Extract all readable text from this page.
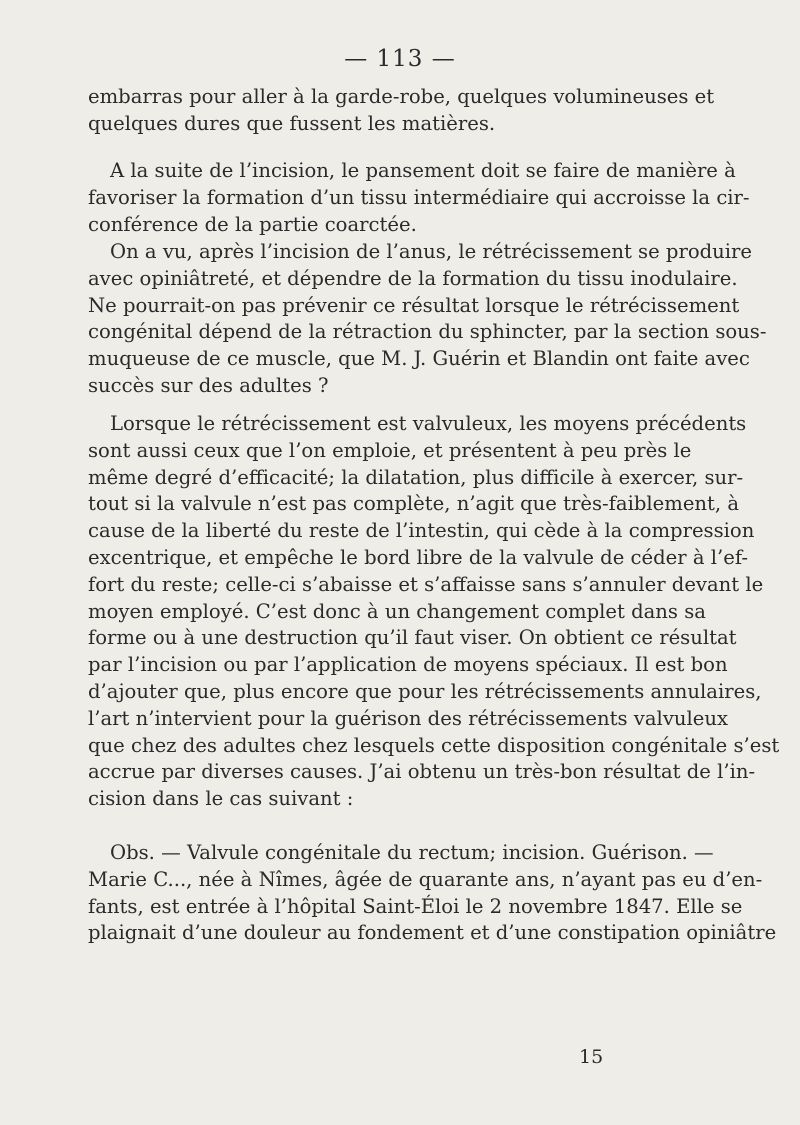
— 113 —
embarras pour aller à la garde-robe, quelques volumineuses et
quelques dures que fussent les matières.
A la suite de l’incision, le pansement doit se faire de manière à
favoriser la formation d’un tissu intermédiaire qui accroisse la cir-
conférence de la partie coarctée.
On a vu, après l’incision de l’anus, le rétrécissement se produire
avec opiniâtreté, et dépendre de la formation du tissu inodulaire.
Ne pourrait-on pas prévenir ce résultat lorsque le rétrécissement
congénital dépend de la rétraction du sphincter, par la section sous-
muqueuse de ce muscle, que M. J. Guérin et Blandin ont faite avec
succès sur des adultes ?
Lorsque le rétrécissement est valvuleux, les moyens précédents
sont aussi ceux que l’on emploie, et présentent à peu près le
même degré d’efficacité; la dilatation, plus difficile à exercer, sur-
tout si la valvule n’est pas complète, n’agit que très-faiblement, à
cause de la liberté du reste de l’intestin, qui cède à la compression
excentrique, et empêche le bord libre de la valvule de céder à l’ef-
fort du reste; celle-ci s’abaisse et s’affaisse sans s’annuler devant le
moyen employé. C’est donc à un changement complet dans sa
forme ou à une destruction qu’il faut viser. On obtient ce résultat
par l’incision ou par l’application de moyens spéciaux. Il est bon
d’ajouter que, plus encore que pour les rétrécissements annulaires,
l’art n’intervient pour la guérison des rétrécissements valvuleux
que chez des adultes chez lesquels cette disposition congénitale s’est
accrue par diverses causes. J’ai obtenu un très-bon résultat de l’in-
cision dans le cas suivant :
Obs. — Valvule congénitale du rectum; incision. Guérison. —
Marie C..., née à Nîmes, âgée de quarante ans, n’ayant pas eu d’en-
fants, est entrée à l’hôpital Saint-Éloi le 2 novembre 1847. Elle se
plaignait d’une douleur au fondement et d’une constipation opiniâtre
15
